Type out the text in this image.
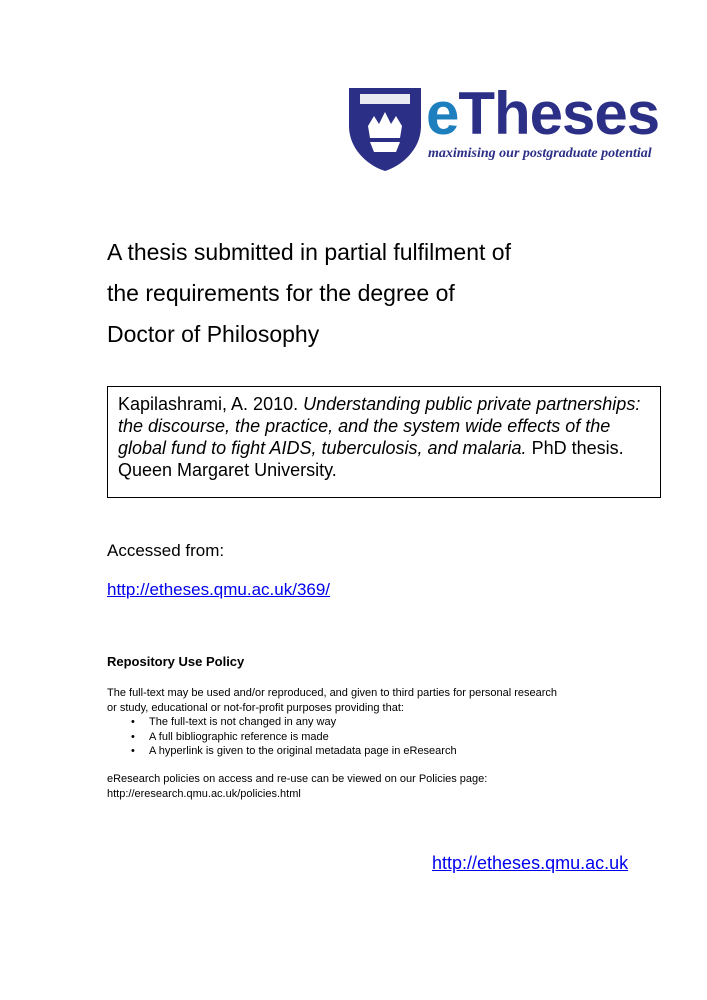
eTheses
maximising our postgraduate potential
A thesis submitted in partial fulfilment of
the requirements for the degree of
Doctor of Philosophy
Kapilashrami, A. 2010. Understanding public private partnerships: the discourse, the practice, and the system wide effects of the global fund to fight AIDS, tuberculosis, and malaria. PhD thesis. Queen Margaret University.
Accessed from:
http://etheses.qmu.ac.uk/369/
Repository Use Policy
The full-text may be used and/or reproduced, and given to third parties for personal research or study, educational or not-for-profit purposes providing that:
• The full-text is not changed in any way
• A full bibliographic reference is made
• A hyperlink is given to the original metadata page in eResearch
eResearch policies on access and re-use can be viewed on our Policies page:
http://eresearch.qmu.ac.uk/policies.html
http://etheses.qmu.ac.uk
